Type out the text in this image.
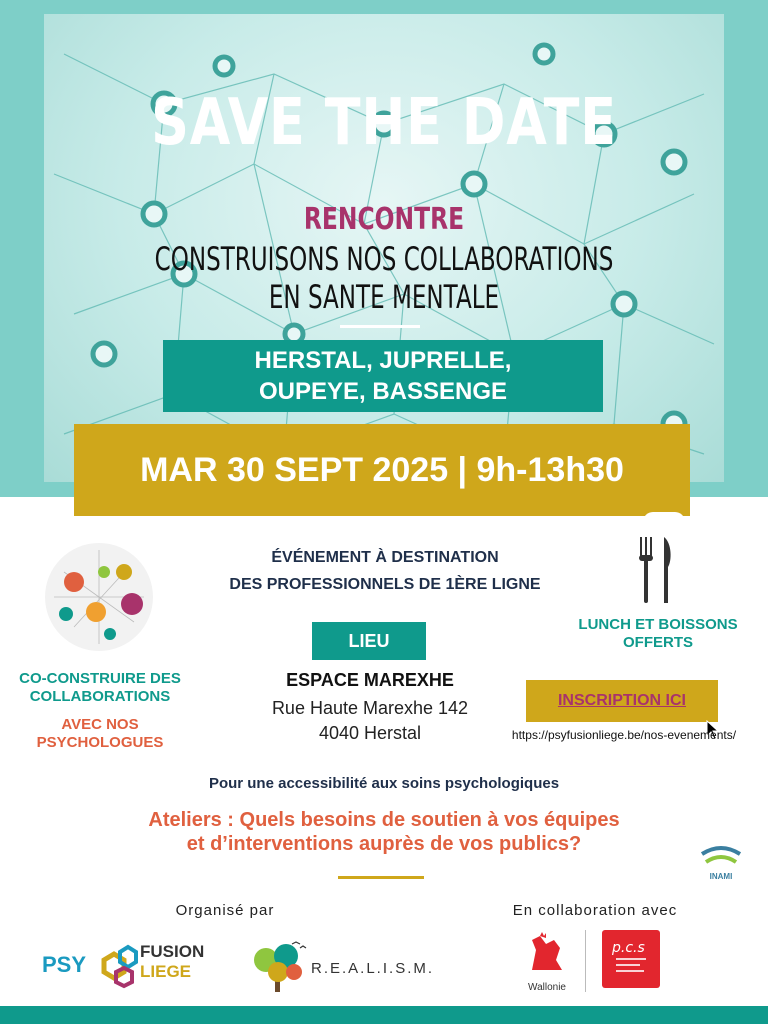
SAVE THE DATE
RENCONTRE
CONSTRUISONS NOS COLLABORATIONS
EN SANTE MENTALE
HERSTAL, JUPRELLE,
OUPEYE, BASSENGE
MAR 30 SEPT 2025 | 9h-13h30
CO-CONSTRUIRE DES
COLLABORATIONS
AVEC NOS
PSYCHOLOGUES
ÉVÉNEMENT À DESTINATION
DES PROFESSIONNELS DE 1ÈRE LIGNE
LIEU
ESPACE MAREXHE
Rue Haute Marexhe 142
4040 Herstal
LUNCH ET BOISSONS
OFFERTS
INSCRIPTION ICI
https://psyfusionliege.be/nos-evenements/
Pour une accessibilité aux soins psychologiques
Ateliers : Quels besoins de soutien à vos équipes
et d’interventions auprès de vos publics?
INAMI
Organisé par	En collaboration avec
PSY
FUSION
LIEGE	R.E.A.L.I.S.M.
Wallonie
p.c.s
